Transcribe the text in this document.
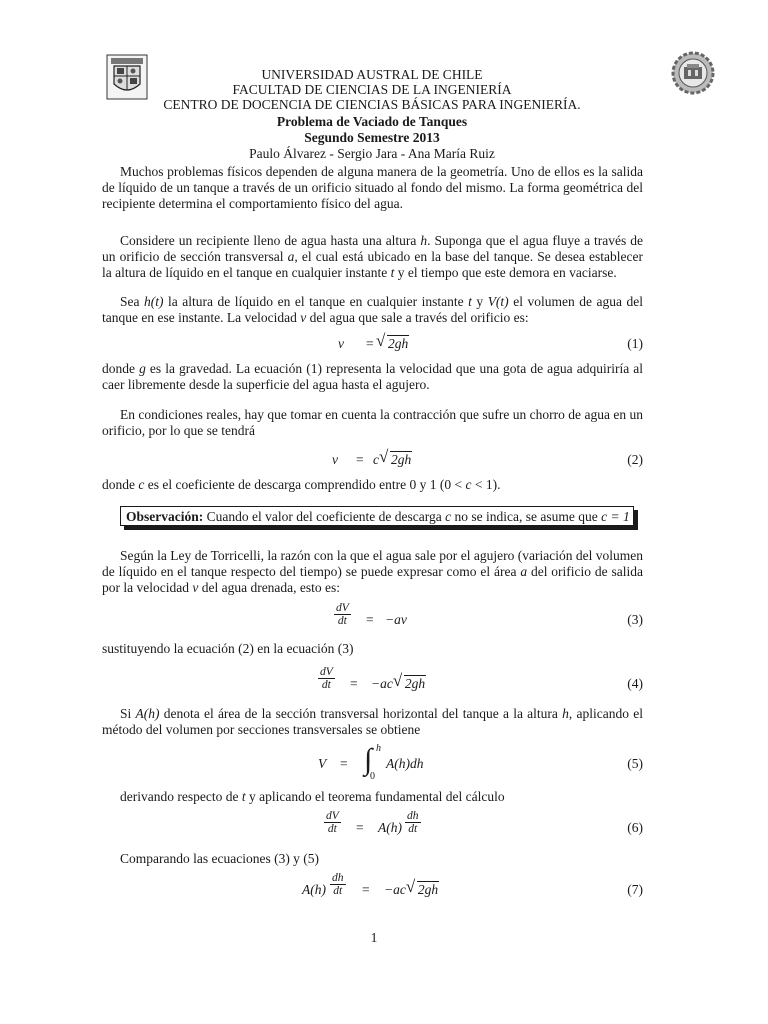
UNIVERSIDAD AUSTRAL DE CHILE
FACULTAD DE CIENCIAS DE LA INGENIERÍA
CENTRO DE DOCENCIA DE CIENCIAS BÁSICAS PARA INGENIERÍA.
Problema de Vaciado de Tanques
Segundo Semestre 2013
Paulo Álvarez - Sergio Jara - Ana María Ruiz

Muchos problemas físicos dependen de alguna manera de la geometría. Uno de ellos es la salida de líquido de un tanque a través de un orificio situado al fondo del mismo. La forma geométrica del recipiente determina el comportamiento físico del agua.

Considere un recipiente lleno de agua hasta una altura h. Suponga que el agua fluye a través de un orificio de sección transversal a, el cual está ubicado en la base del tanque. Se desea establecer la altura de líquido en el tanque en cualquier instante t y el tiempo que este demora en vaciarse.

Sea h(t) la altura de líquido en el tanque en cualquier instante t y V(t) el volumen de agua del tanque en ese instante. La velocidad v del agua que sale a través del orificio es:

v = √ 2gh	(1)

donde g es la gravedad. La ecuación (1) representa la velocidad que una gota de agua adquiriría al caer libremente desde la superficie del agua hasta el agujero.

En condiciones reales, hay que tomar en cuenta la contracción que sufre un chorro de agua en un orificio, por lo que se tendrá

v = c √ 2gh	(2)

donde c es el coeficiente de descarga comprendido entre 0 y 1 (0 < c < 1).

Observación: Cuando el valor del coeficiente de descarga c no se indica, se asume que c = 1

Según la Ley de Torricelli, la razón con la que el agua sale por el agujero (variación del volumen de líquido en el tanque respecto del tiempo) se puede expresar como el área a del orificio de salida por la velocidad v del agua drenada, esto es:

$\frac{dV}{dt} = -av$	(3)

sustituyendo la ecuación (2) en la ecuación (3)

$\frac{dV}{dt} = -ac$ √ 2gh	(4)

Si A(h) denota el área de la sección transversal horizontal del tanque a la altura h, aplicando el método del volumen por secciones transversales se obtiene

V = ∫ h
0
A(h)dh	(5)

derivando respecto de t y aplicando el teorema fundamental del cálculo

$\frac{dV}{dt} = A(h) \frac{dh}{dt}$	(6)

Comparando las ecuaciones (3) y (5)

$A(h) \frac{dh}{dt} = -ac$ √ 2gh	(7)
1
